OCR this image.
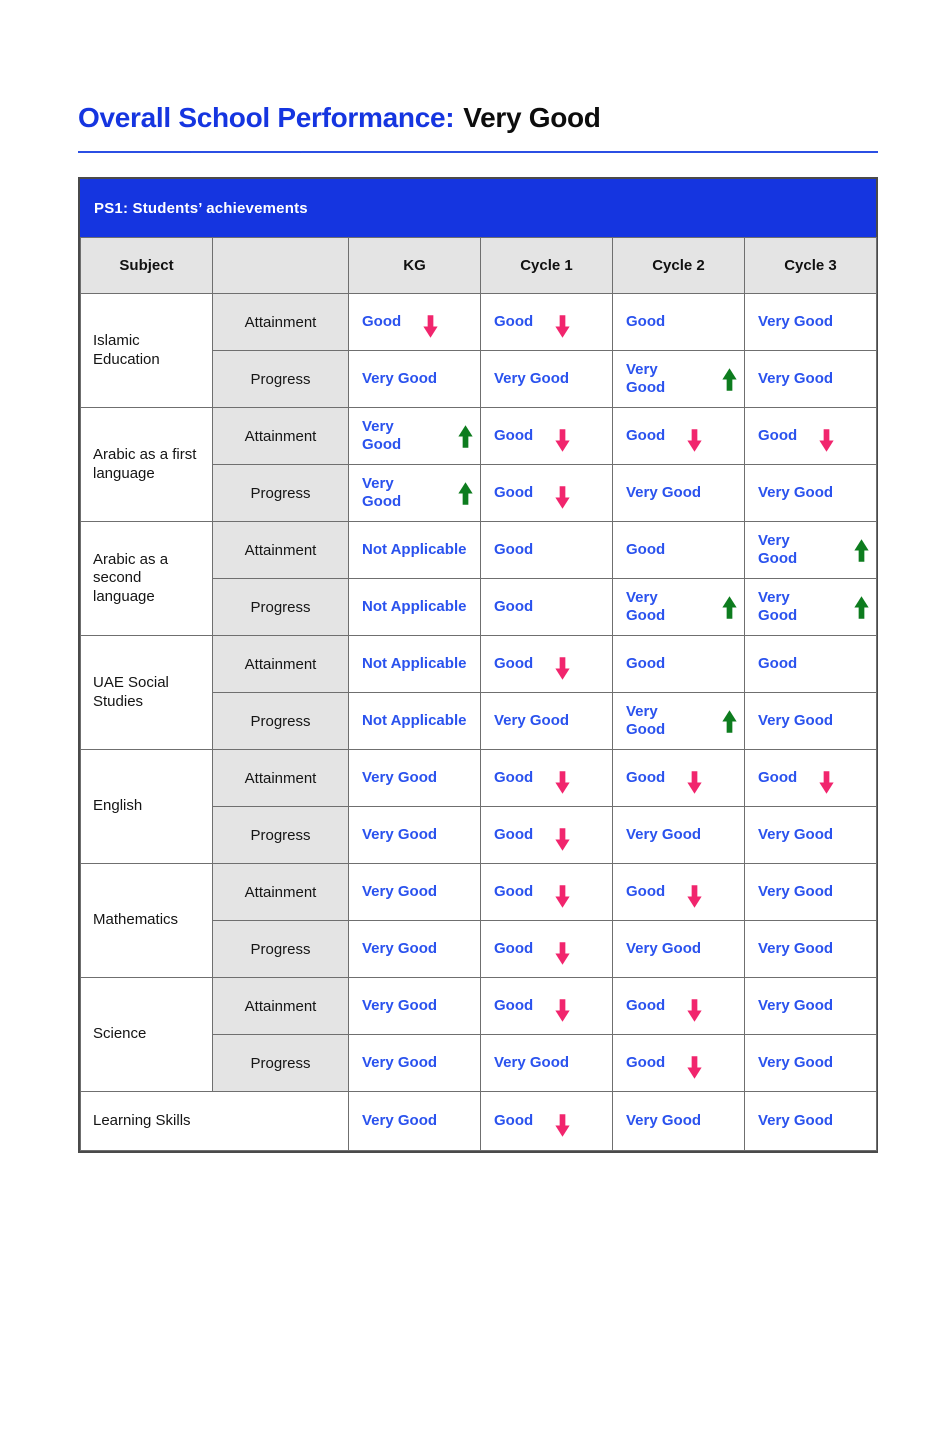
Overall School Performance: Very Good
PS1: Students’ achievements
Subject		KG	Cycle 1	Cycle 2	Cycle 3
Islamic Education	Attainment	Good	Good	Good	Very Good

	Progress	Very Good	Very Good	Very Good	Very Good

Arabic as a first language	Attainment	Very Good	Good	Good	Good

	Progress	Very Good	Good	Very Good	Very Good

Arabic as a second language	Attainment	Not Applicable	Good	Good	Very Good

	Progress	Not Applicable	Good	Very Good	Very Good

UAE Social Studies	Attainment	Not Applicable	Good	Good	Good

	Progress	Not Applicable	Very Good	Very Good	Very Good

English	Attainment	Very Good	Good	Good	Good

	Progress	Very Good	Good	Very Good	Very Good

Mathematics	Attainment	Very Good	Good	Good	Very Good

	Progress	Very Good	Good	Very Good	Very Good

Science	Attainment	Very Good	Good	Good	Very Good

	Progress	Very Good	Very Good	Good	Very Good

Learning Skills		Very Good	Good	Very Good	Very Good
